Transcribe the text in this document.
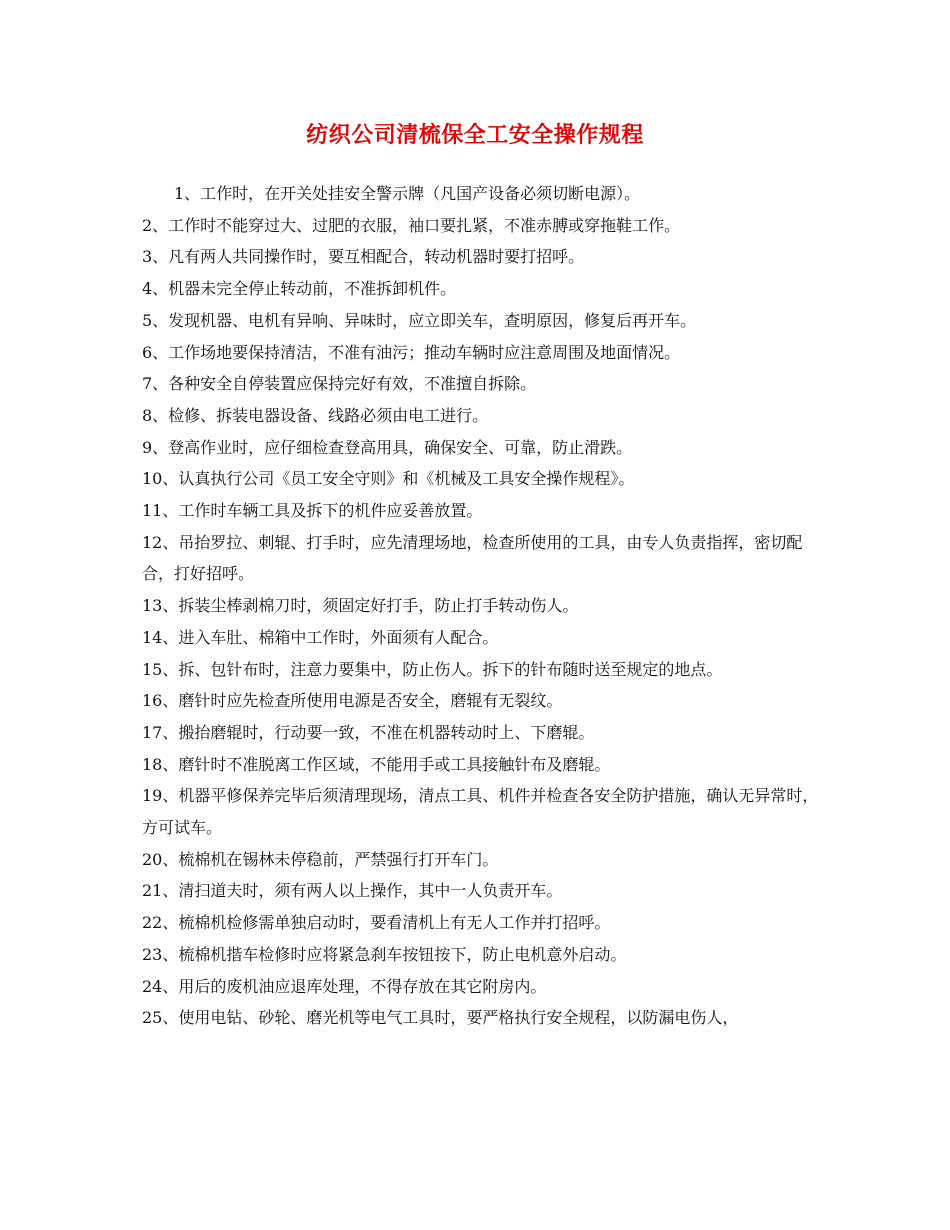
纺织公司清梳保全工安全操作规程

1、工作时，在开关处挂安全警示牌（凡国产设备必须切断电源）。

2、工作时不能穿过大、过肥的衣服，袖口要扎紧，不准赤膊或穿拖鞋工作。

3、凡有两人共同操作时，要互相配合，转动机器时要打招呼。

4、机器未完全停止转动前，不准拆卸机件。

5、发现机器、电机有异响、异味时，应立即关车，查明原因，修复后再开车。

6、工作场地要保持清洁，不准有油污；推动车辆时应注意周围及地面情况。

7、各种安全自停装置应保持完好有效，不准擅自拆除。

8、检修、拆装电器设备、线路必须由电工进行。

9、登高作业时，应仔细检查登高用具，确保安全、可靠，防止滑跌。

10、认真执行公司《员工安全守则》和《机械及工具安全操作规程》。

11、工作时车辆工具及拆下的机件应妥善放置。

12、吊抬罗拉、刺辊、打手时，应先清理场地，检查所使用的工具，由专人负责指挥，密切配合，打好招呼。

13、拆装尘棒剥棉刀时，须固定好打手，防止打手转动伤人。

14、进入车肚、棉箱中工作时，外面须有人配合。

15、拆、包针布时，注意力要集中，防止伤人。拆下的针布随时送至规定的地点。

16、磨针时应先检查所使用电源是否安全，磨辊有无裂纹。

17、搬抬磨辊时，行动要一致，不准在机器转动时上、下磨辊。

18、磨针时不准脱离工作区域，不能用手或工具接触针布及磨辊。

19、机器平修保养完毕后须清理现场，清点工具、机件并检查各安全防护措施，确认无异常时，方可试车。

20、梳棉机在锡林未停稳前，严禁强行打开车门。

21、清扫道夫时，须有两人以上操作，其中一人负责开车。

22、梳棉机检修需单独启动时，要看清机上有无人工作并打招呼。

23、梳棉机揩车检修时应将紧急刹车按钮按下，防止电机意外启动。

24、用后的废机油应退库处理，不得存放在其它附房内。

25、使用电钻、砂轮、磨光机等电气工具时，要严格执行安全规程，以防漏电伤人，
